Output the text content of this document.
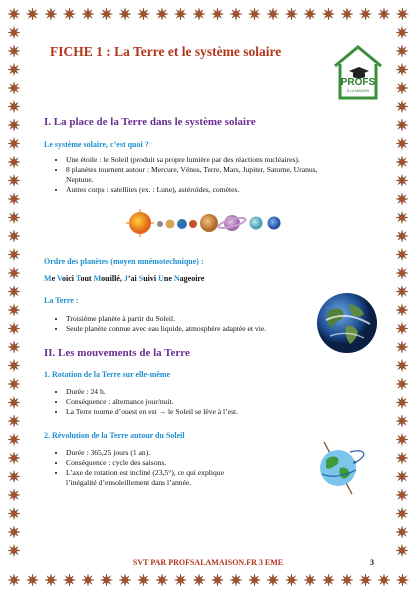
FICHE 1 : La Terre et le système solaire
PROFS
À LA MAISON
I. La place de la Terre dans le système solaire
Le système solaire, c’est quoi ?
• Une étoile : le Soleil (produit sa propre lumière par des réactions nucléaires).
• 8 planètes tournent autour : Mercure, Vénus, Terre, Mars, Jupiter, Saturne, Uranus,
Neptune.
• Autres corps : satellites (ex. : Lune), astéroïdes, comètes.
Ordre des planètes (moyen mnémotechnique) :
Me Voici Tout Mouillé, J’ai Suivi Une Nageoire
La Terre :
• Troisième planète à partir du Soleil.
• Seule planète connue avec eau liquide, atmosphère adaptée et vie.
II. Les mouvements de la Terre
1. Rotation de la Terre sur elle-même
• Durée : 24 h.
• Conséquence : alternance jour/nuit.
• La Terre tourne d’ouest en est → le Soleil se lève à l’est.
2. Révolution de la Terre autour du Soleil
• Durée : 365,25 jours (1 an).
• Conséquence : cycle des saisons.
• L’axe de rotation est incliné (23,5°), ce qui explique
l’inégalité d’ensoleillement dans l’année.
SVT PAR PROFSALAMAISON.FR 3 EME	3
